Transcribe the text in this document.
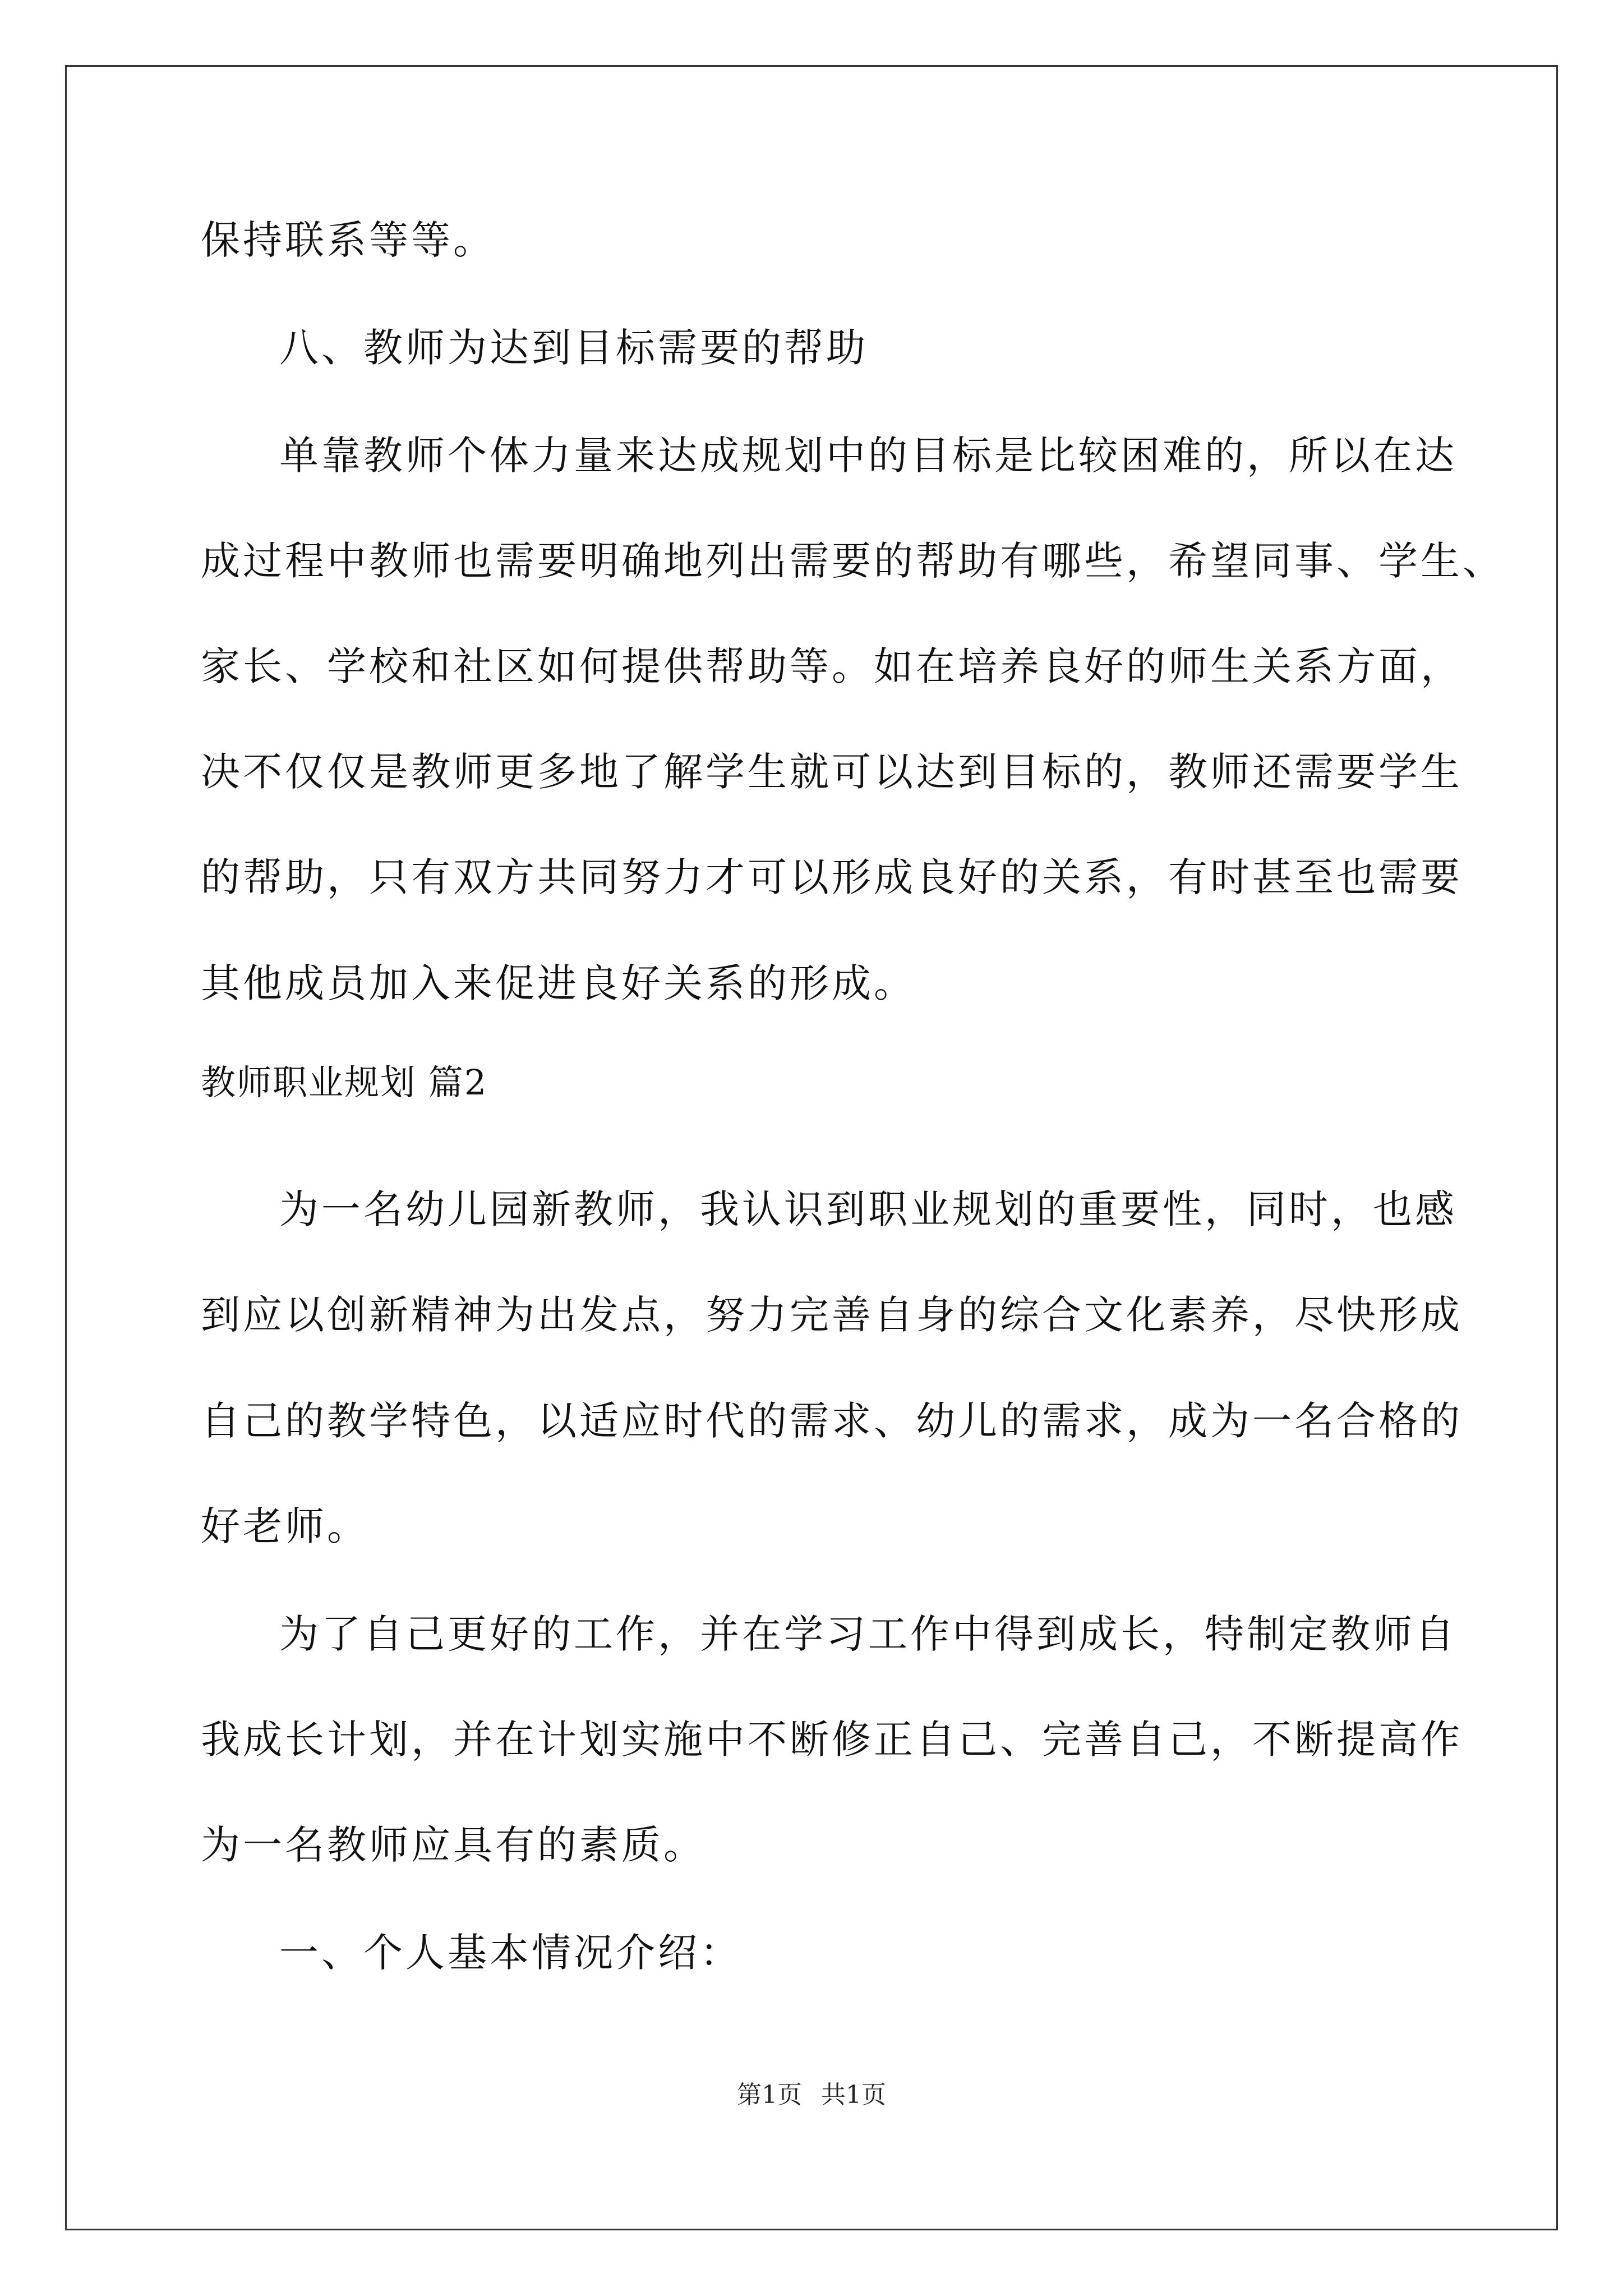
保持联系等等。
八、教师为达到目标需要的帮助
单靠教师个体力量来达成规划中的目标是比较困难的，所以在达
成过程中教师也需要明确地列出需要的帮助有哪些，希望同事、学生、
家长、学校和社区如何提供帮助等。如在培养良好的师生关系方面，
决不仅仅是教师更多地了解学生就可以达到目标的，教师还需要学生
的帮助，只有双方共同努力才可以形成良好的关系，有时甚至也需要
其他成员加入来促进良好关系的形成。
教师职业规划 篇2
为一名幼儿园新教师，我认识到职业规划的重要性，同时，也感
到应以创新精神为出发点，努力完善自身的综合文化素养，尽快形成
自己的教学特色，以适应时代的需求、幼儿的需求，成为一名合格的
好老师。
为了自己更好的工作，并在学习工作中得到成长，特制定教师自
我成长计划，并在计划实施中不断修正自己、完善自己，不断提高作
为一名教师应具有的素质。
一、个人基本情况介绍：
第1页 共1页
